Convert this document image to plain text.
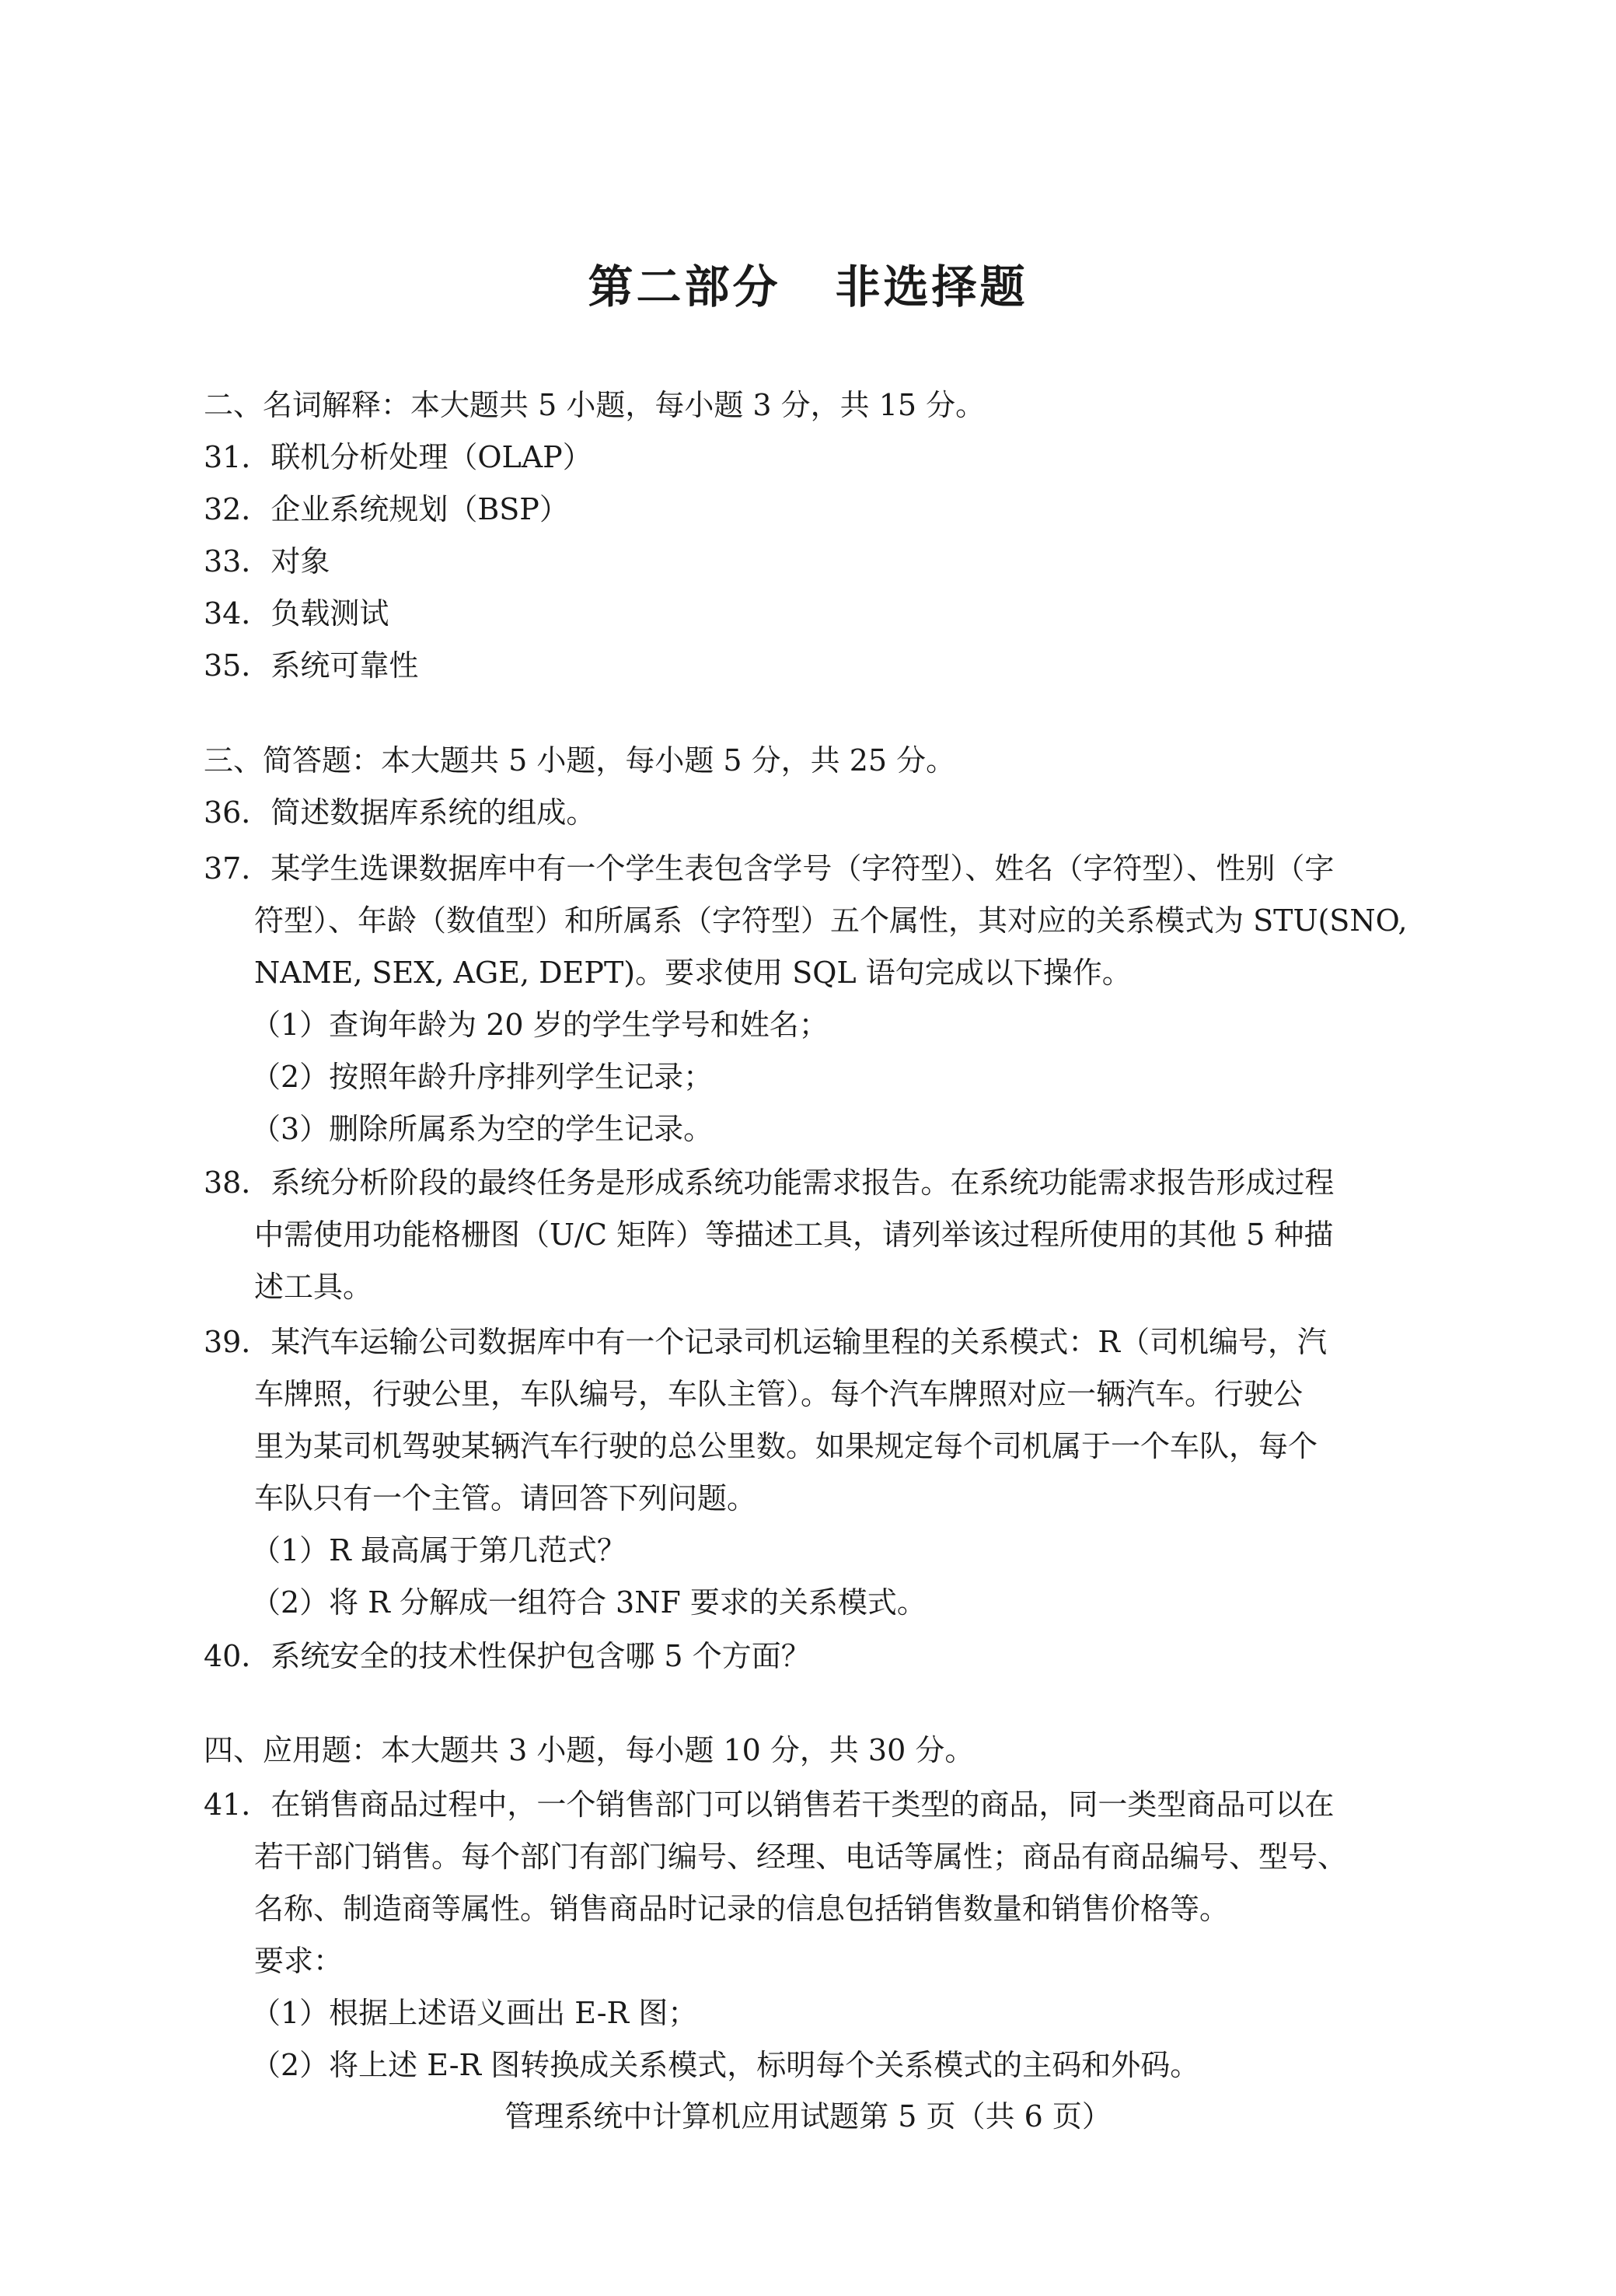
第二部分 非选择题
二、名词解释：本大题共 5 小题，每小题 3 分，共 15 分。
31．联机分析处理（OLAP）
32．企业系统规划（BSP）
33．对象
34．负载测试
35．系统可靠性
三、简答题：本大题共 5 小题，每小题 5 分，共 25 分。
36．简述数据库系统的组成。
37．某学生选课数据库中有一个学生表包含学号（字符型）、姓名（字符型）、性别（字
符型）、年龄（数值型）和所属系（字符型）五个属性，其对应的关系模式为 STU(SNO,
NAME, SEX, AGE, DEPT)。要求使用 SQL 语句完成以下操作。
（1）查询年龄为 20 岁的学生学号和姓名；
（2）按照年龄升序排列学生记录；
（3）删除所属系为空的学生记录。
38．系统分析阶段的最终任务是形成系统功能需求报告。在系统功能需求报告形成过程
中需使用功能格栅图（U/C 矩阵）等描述工具，请列举该过程所使用的其他 5 种描
述工具。
39．某汽车运输公司数据库中有一个记录司机运输里程的关系模式：R（司机编号，汽
车牌照，行驶公里，车队编号，车队主管）。每个汽车牌照对应一辆汽车。行驶公
里为某司机驾驶某辆汽车行驶的总公里数。如果规定每个司机属于一个车队，每个
车队只有一个主管。请回答下列问题。
（1）R 最高属于第几范式？
（2）将 R 分解成一组符合 3NF 要求的关系模式。
40．系统安全的技术性保护包含哪 5 个方面？
四、应用题：本大题共 3 小题，每小题 10 分，共 30 分。
41．在销售商品过程中，一个销售部门可以销售若干类型的商品，同一类型商品可以在
若干部门销售。每个部门有部门编号、经理、电话等属性；商品有商品编号、型号、
名称、制造商等属性。销售商品时记录的信息包括销售数量和销售价格等。
要求：
（1）根据上述语义画出 E-R 图；
（2）将上述 E-R 图转换成关系模式，标明每个关系模式的主码和外码。
管理系统中计算机应用试题第 5 页（共 6 页）
